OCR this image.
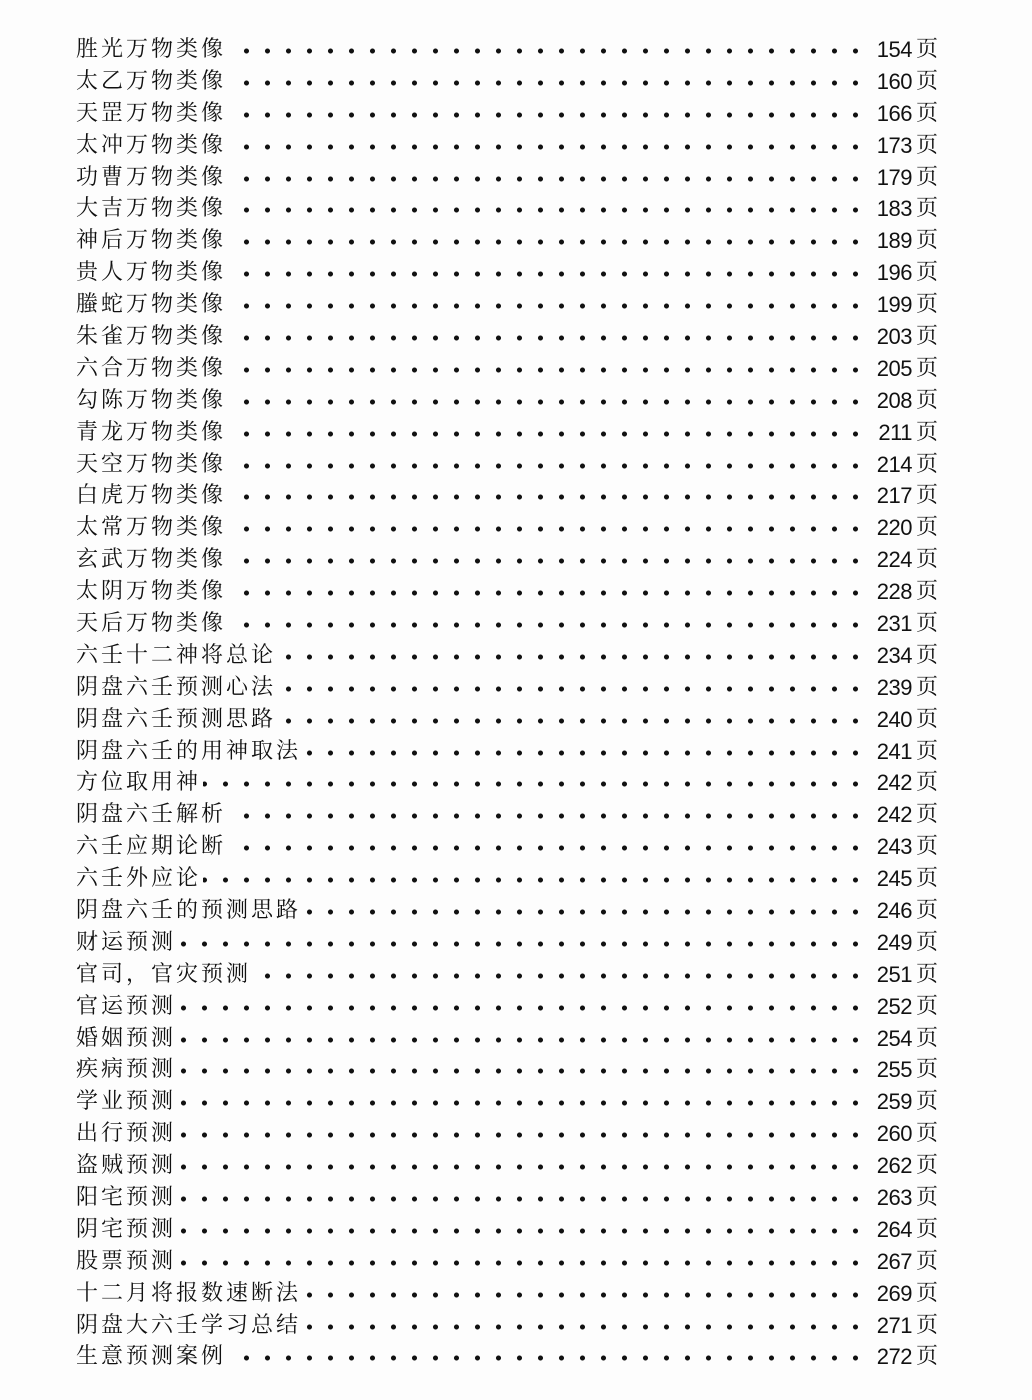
胜光万物类像	154 页
太乙万物类像	160 页
天罡万物类像	166 页
太冲万物类像	173 页
功曹万物类像	179 页
大吉万物类像	183 页
神后万物类像	189 页
贵人万物类像	196 页
螣蛇万物类像	199 页
朱雀万物类像	203 页
六合万物类像	205 页
勾陈万物类像	208 页
青龙万物类像	211 页
天空万物类像	214 页
白虎万物类像	217 页
太常万物类像	220 页
玄武万物类像	224 页
太阴万物类像	228 页
天后万物类像	231 页
六壬十二神将总论	234 页
阴盘六壬预测心法	239 页
阴盘六壬预测思路	240 页
阴盘六壬的用神取法	241 页
方位取用神	242 页
阴盘六壬解析	242 页
六壬应期论断	243 页
六壬外应论	245 页
阴盘六壬的预测思路	246 页
财运预测	249 页
官司，官灾预测	251 页
官运预测	252 页
婚姻预测	254 页
疾病预测	255 页
学业预测	259 页
出行预测	260 页
盗贼预测	262 页
阳宅预测	263 页
阴宅预测	264 页
股票预测	267 页
十二月将报数速断法	269 页
阴盘大六壬学习总结	271 页
生意预测案例	272 页
